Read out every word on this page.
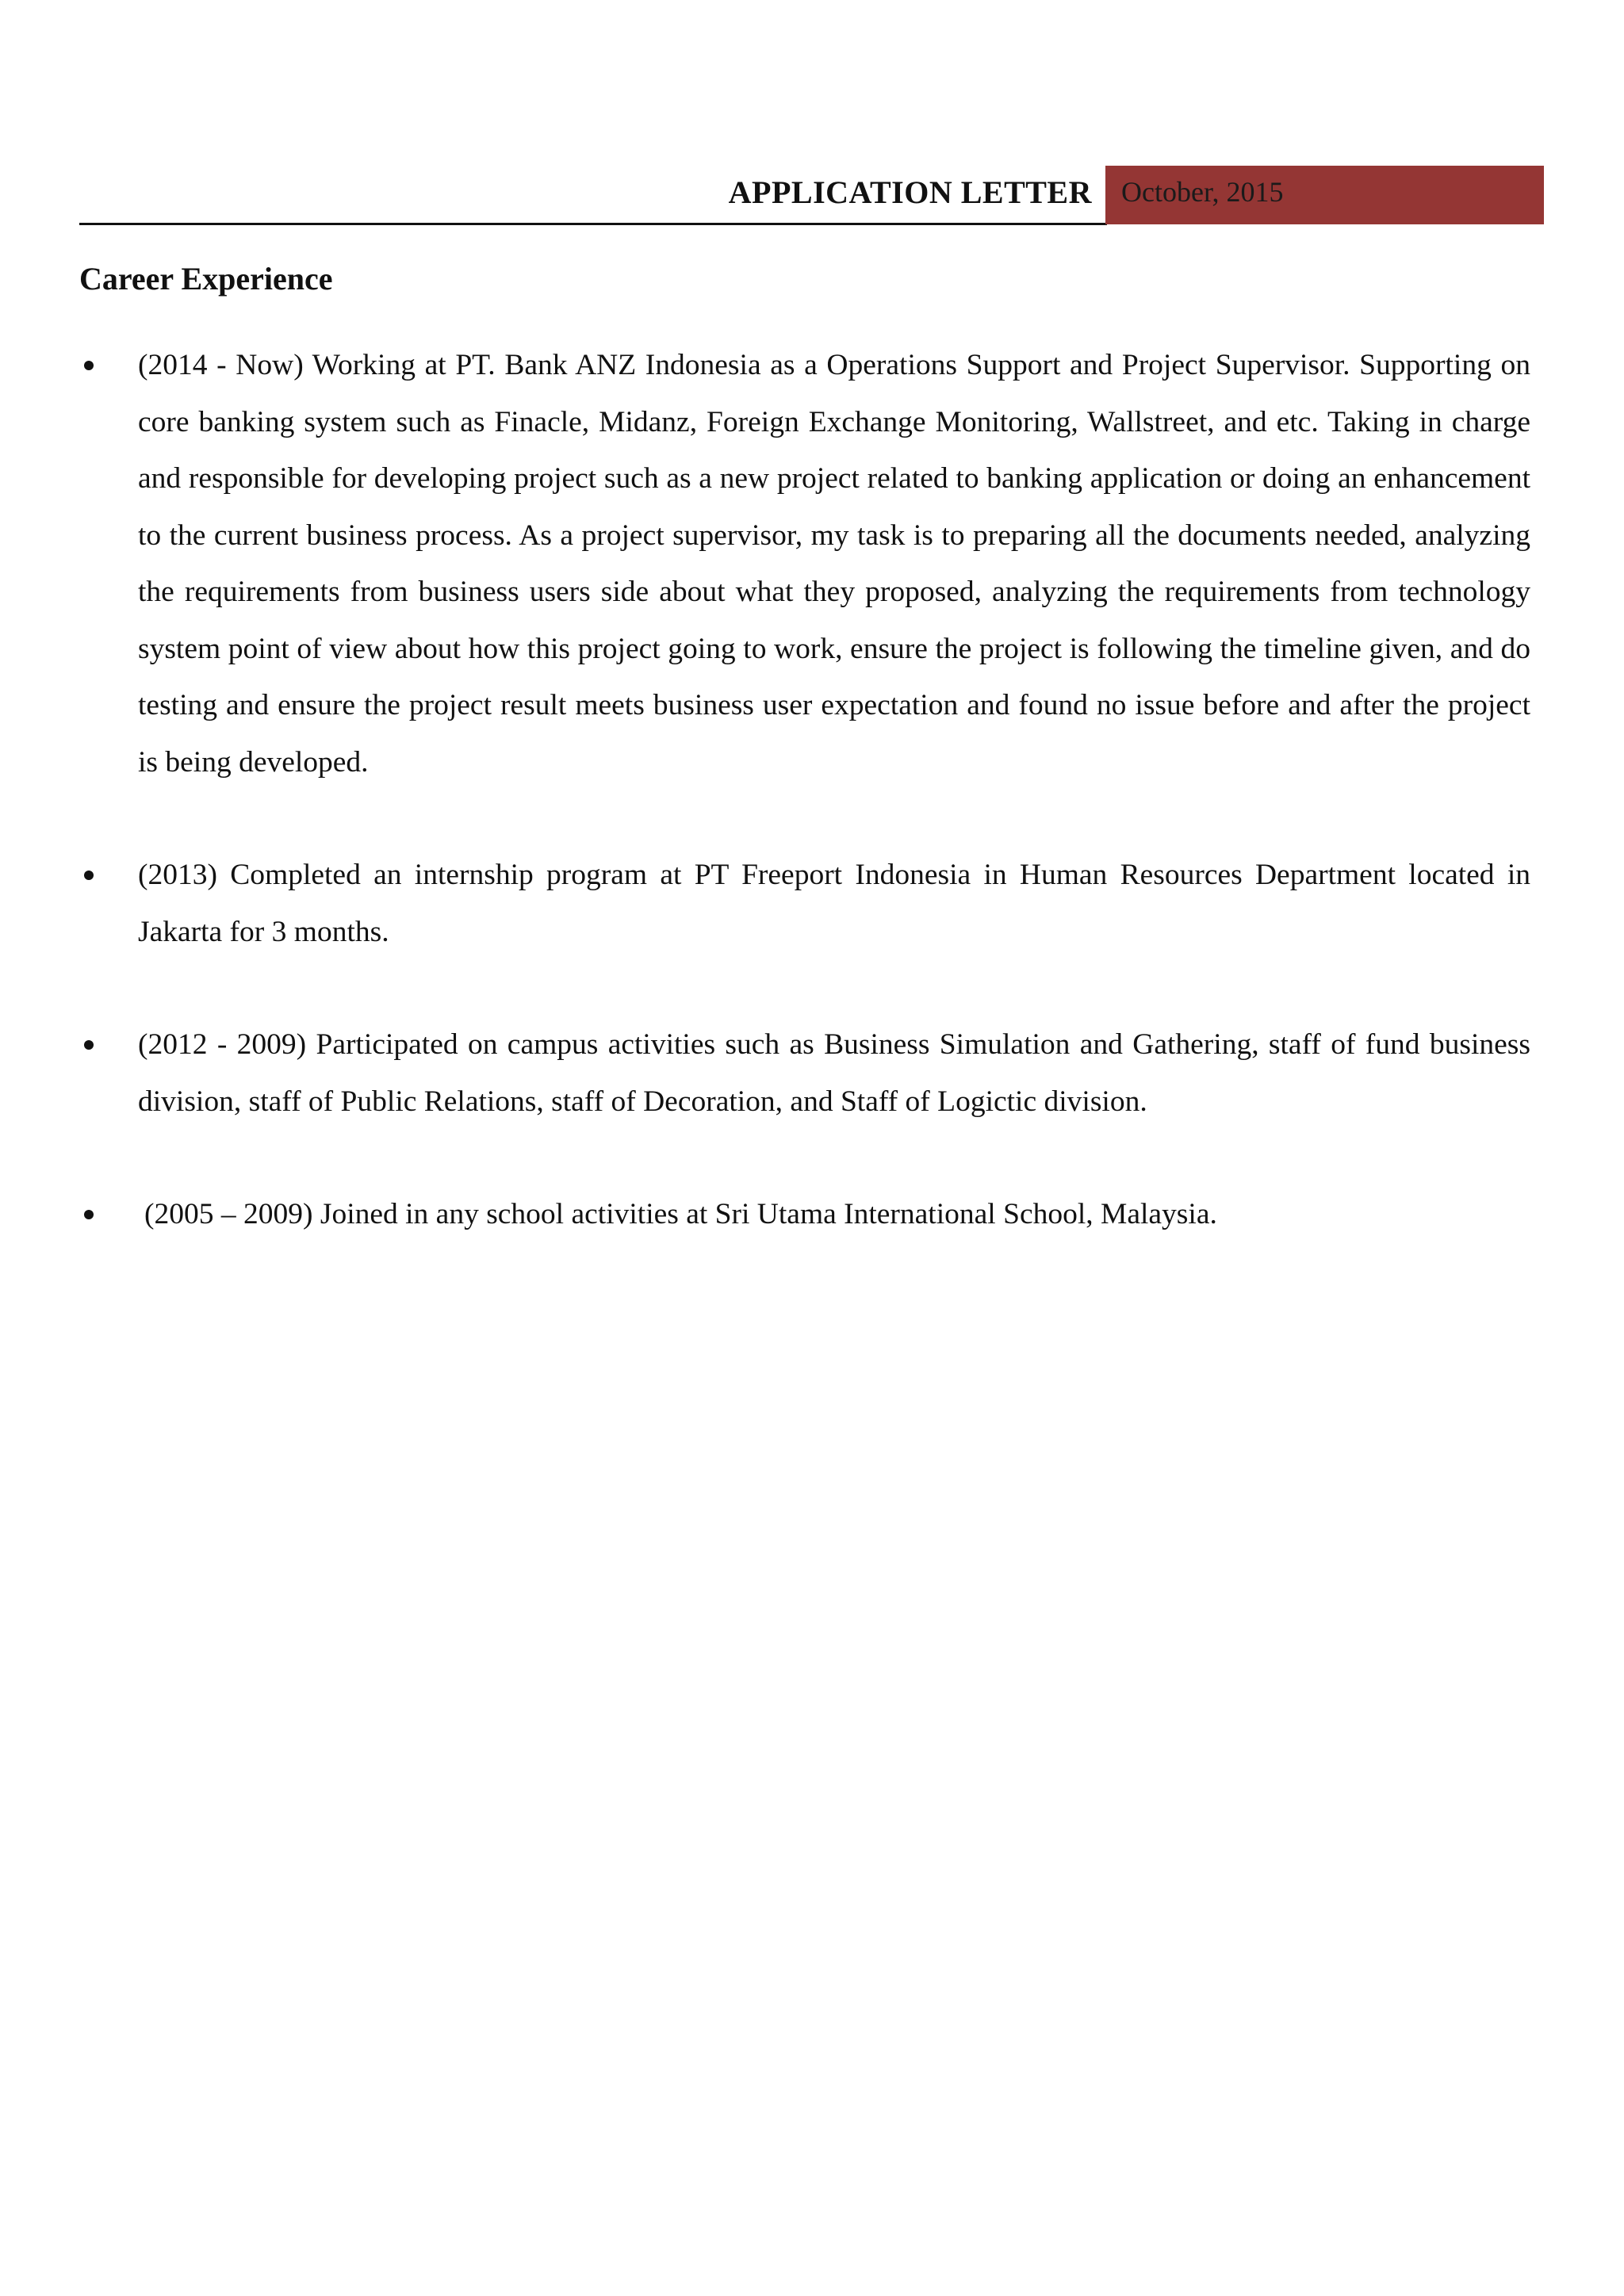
APPLICATION LETTER October, 2015
Career Experience
(2014 - Now) Working at PT. Bank ANZ Indonesia as a Operations Support and Project Supervisor. Supporting on core banking system such as Finacle, Midanz, Foreign Exchange Monitoring, Wallstreet, and etc. Taking in charge and responsible for developing project such as a new project related to banking application or doing an enhancement to the current business process. As a project supervisor, my task is to preparing all the documents needed, analyzing the requirements from business users side about what they proposed, analyzing the requirements from technology system point of view about how this project going to work, ensure the project is following the timeline given, and do testing and ensure the project result meets business user expectation and found no issue before and after the project is being developed.
(2013) Completed an internship program at PT Freeport Indonesia in Human Resources Department located in Jakarta for 3 months.
(2012 - 2009) Participated on campus activities such as Business Simulation and Gathering, staff of fund business division, staff of Public Relations, staff of Decoration, and Staff of Logictic division.
(2005 – 2009) Joined in any school activities at Sri Utama International School, Malaysia.
